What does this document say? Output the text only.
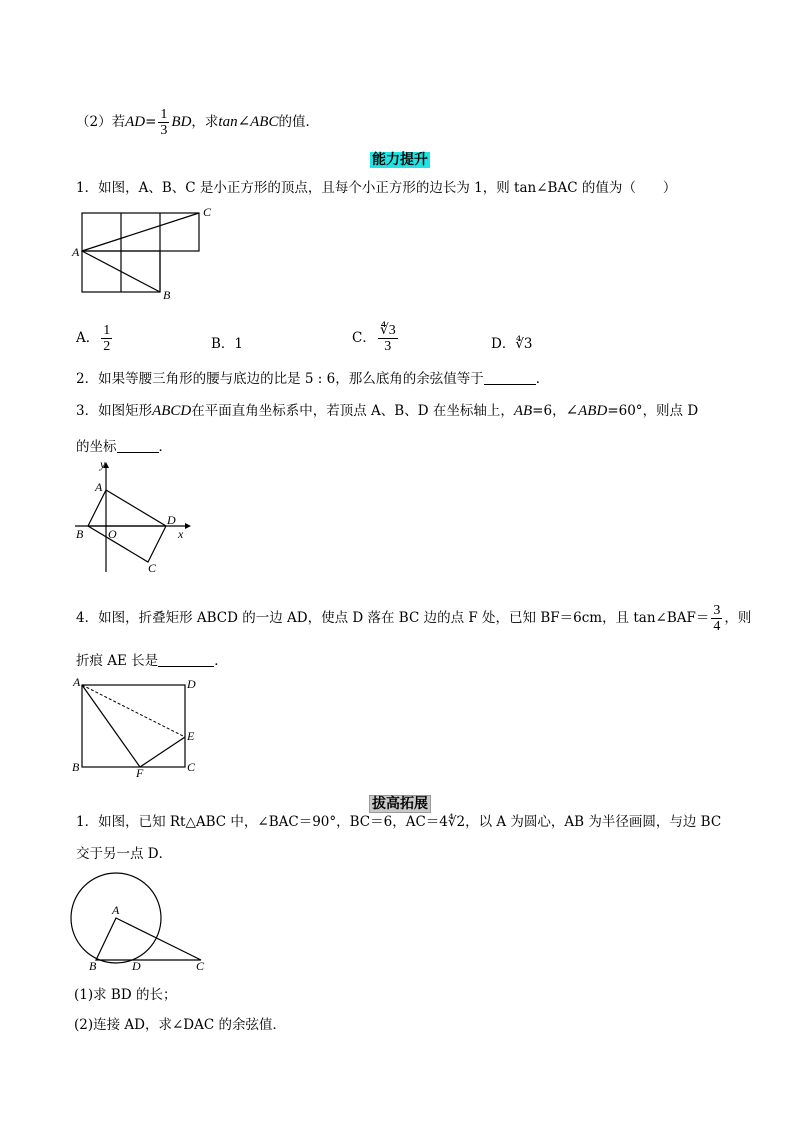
（2）若$AD= \frac{1}{3}$ BD，求tan∠ABC的值．
能力提升
1．如图，A、B、C 是小正方形的顶点，且每个小正方形的边长为 1，则 tan∠BAC 的值为（　　）
A
B
C
A． $\frac{1}{2}$	B．1	C． $\frac{∜3}{3}$	D．∜3
2．如果等腰三角形的腰与底边的比是 5 : 6，那么底角的余弦值等于	．
3．如图矩形ABCD在平面直角坐标系中，若顶点 A、B、D 在坐标轴上，AB=6，∠ABD=60°，则点 D
的坐标	．
y
x
A
B O
D
C
4．如图，折叠矩形 ABCD 的一边 AD，使点 D 落在 BC 边的点 F 处，已知 BF＝6cm，且 tan∠BAF＝ $\frac{3}{4}$ ，则
折痕 AE 长是	．
A	D
E
B	F	C
拔高拓展
1．如图，已知 Rt△ABC 中，∠BAC＝90°，BC＝6，AC＝4∜2，以 A 为圆心，AB 为半径画圆，与边 BC
交于另一点 D．
A
B	D	C
(1)求 BD 的长；
(2)连接 AD，求∠DAC 的余弦值．
